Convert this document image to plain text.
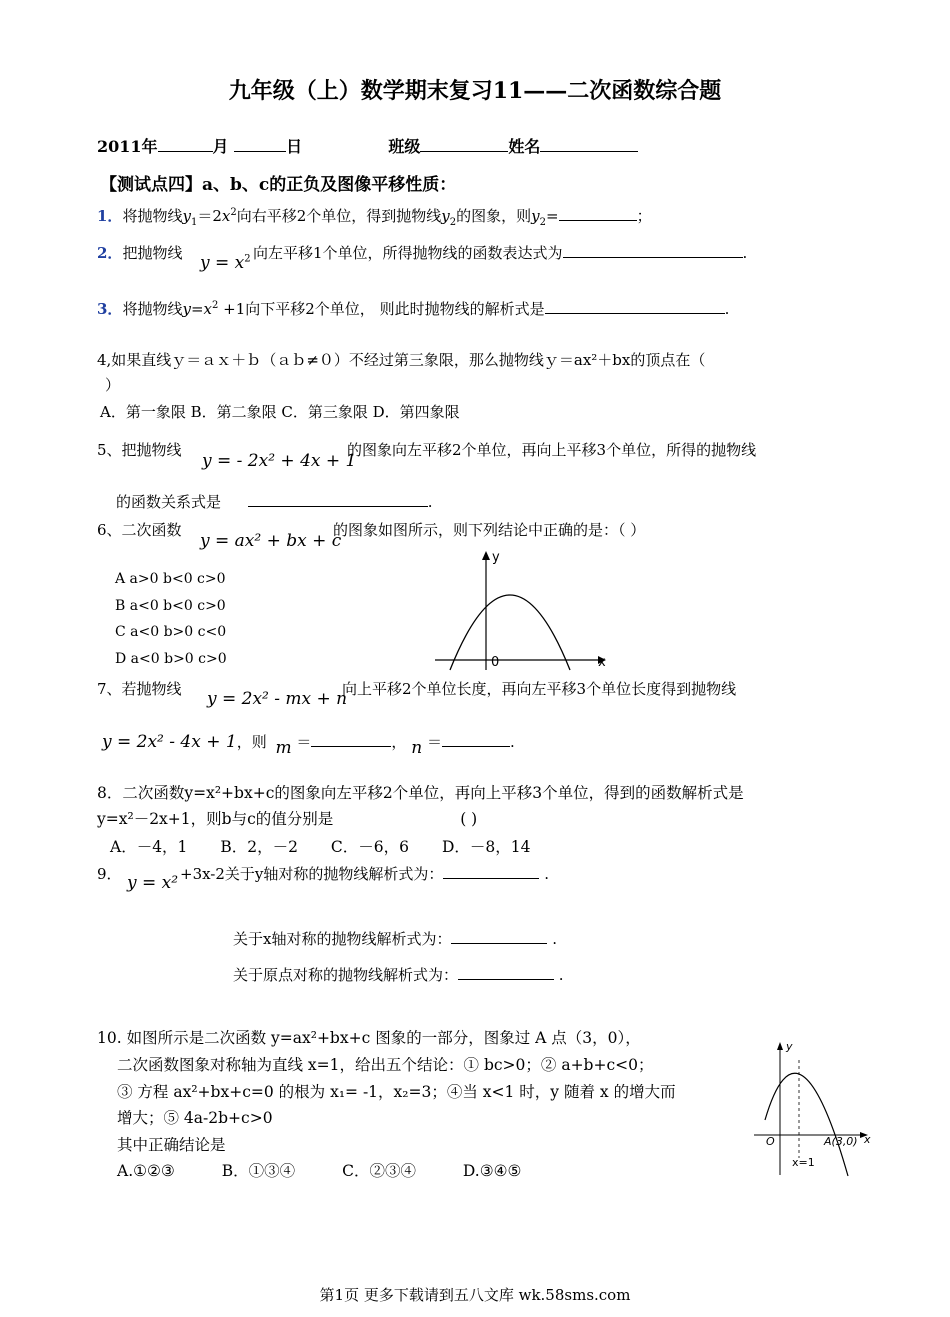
九年级（上）数学期末复习11——二次函数综合题
2011年	月	日	班级	姓名
【测试点四】a、b、c的正负及图像平移性质：
1．将抛物线$y_1=2x^2$向右平移2个单位，得到抛物线$y_2$的图象，则$y_2=$	；
2．把抛物线 $y = x^2$ 向左平移1个单位，所得抛物线的函数表达式为	.
3．将抛物线$y=x^2 +1$向下平移2个单位， 则此时抛物线的解析式是	.
4,如果直线ｙ＝ａｘ＋ｂ（ａｂ≠０）不经过第三象限，那么抛物线ｙ＝ax²＋bx的顶点在（
）
A．第一象限 B．第二象限 C．第三象限 D．第四象限
5、把抛物线
y = - 2x² + 4x + 1
的图象向左平移2个单位，再向上平移3个单位，所得的抛物线
的函数关系式是	.
6、二次函数
y = ax² + bx + c
的图象如图所示，则下列结论中正确的是：（ ）
A a>0 b<0 c>0
B a<0 b<0 c>0
C a<0 b>0 c<0
D a<0 b>0 c>0
y
x
0
7、若抛物线 y = 2x² - mx + n
向上平移2个单位长度，再向左平移3个单位长度得到抛物线
y = 2x² - 4x + 1，则 m ＝	， n ＝	.
8．二次函数y=x²+bx+c的图象向左平移2个单位，再向上平移3个单位，得到的函数解析式是
y=x²－2x+1，则b与c的值分别是	( )
A．－4，1 B．2，－2 C．－6，6 D．－8，14
9． y = x² +3x-2关于y轴对称的抛物线解析式为：	.
关于x轴对称的抛物线解析式为：	.
关于原点对称的抛物线解析式为：	.
10. 如图所示是二次函数 y=ax²+bx+c 图象的一部分，图象过 A 点（3，0），
二次函数图象对称轴为直线 x=1，给出五个结论：① bc>0；② a+b+c<0；
③ 方程 ax²+bx+c=0 的根为 x₁= -1，x₂=3；④当 x<1 时，y 随着 x 的增大而
增大；⑤ 4a-2b+c>0
其中正确结论是
A.①②③	B．①③④	C．②③④	D.③④⑤
y
x
O	A(3,0)
x=1
第1页 更多下载请到五八文库 wk.58sms.com
